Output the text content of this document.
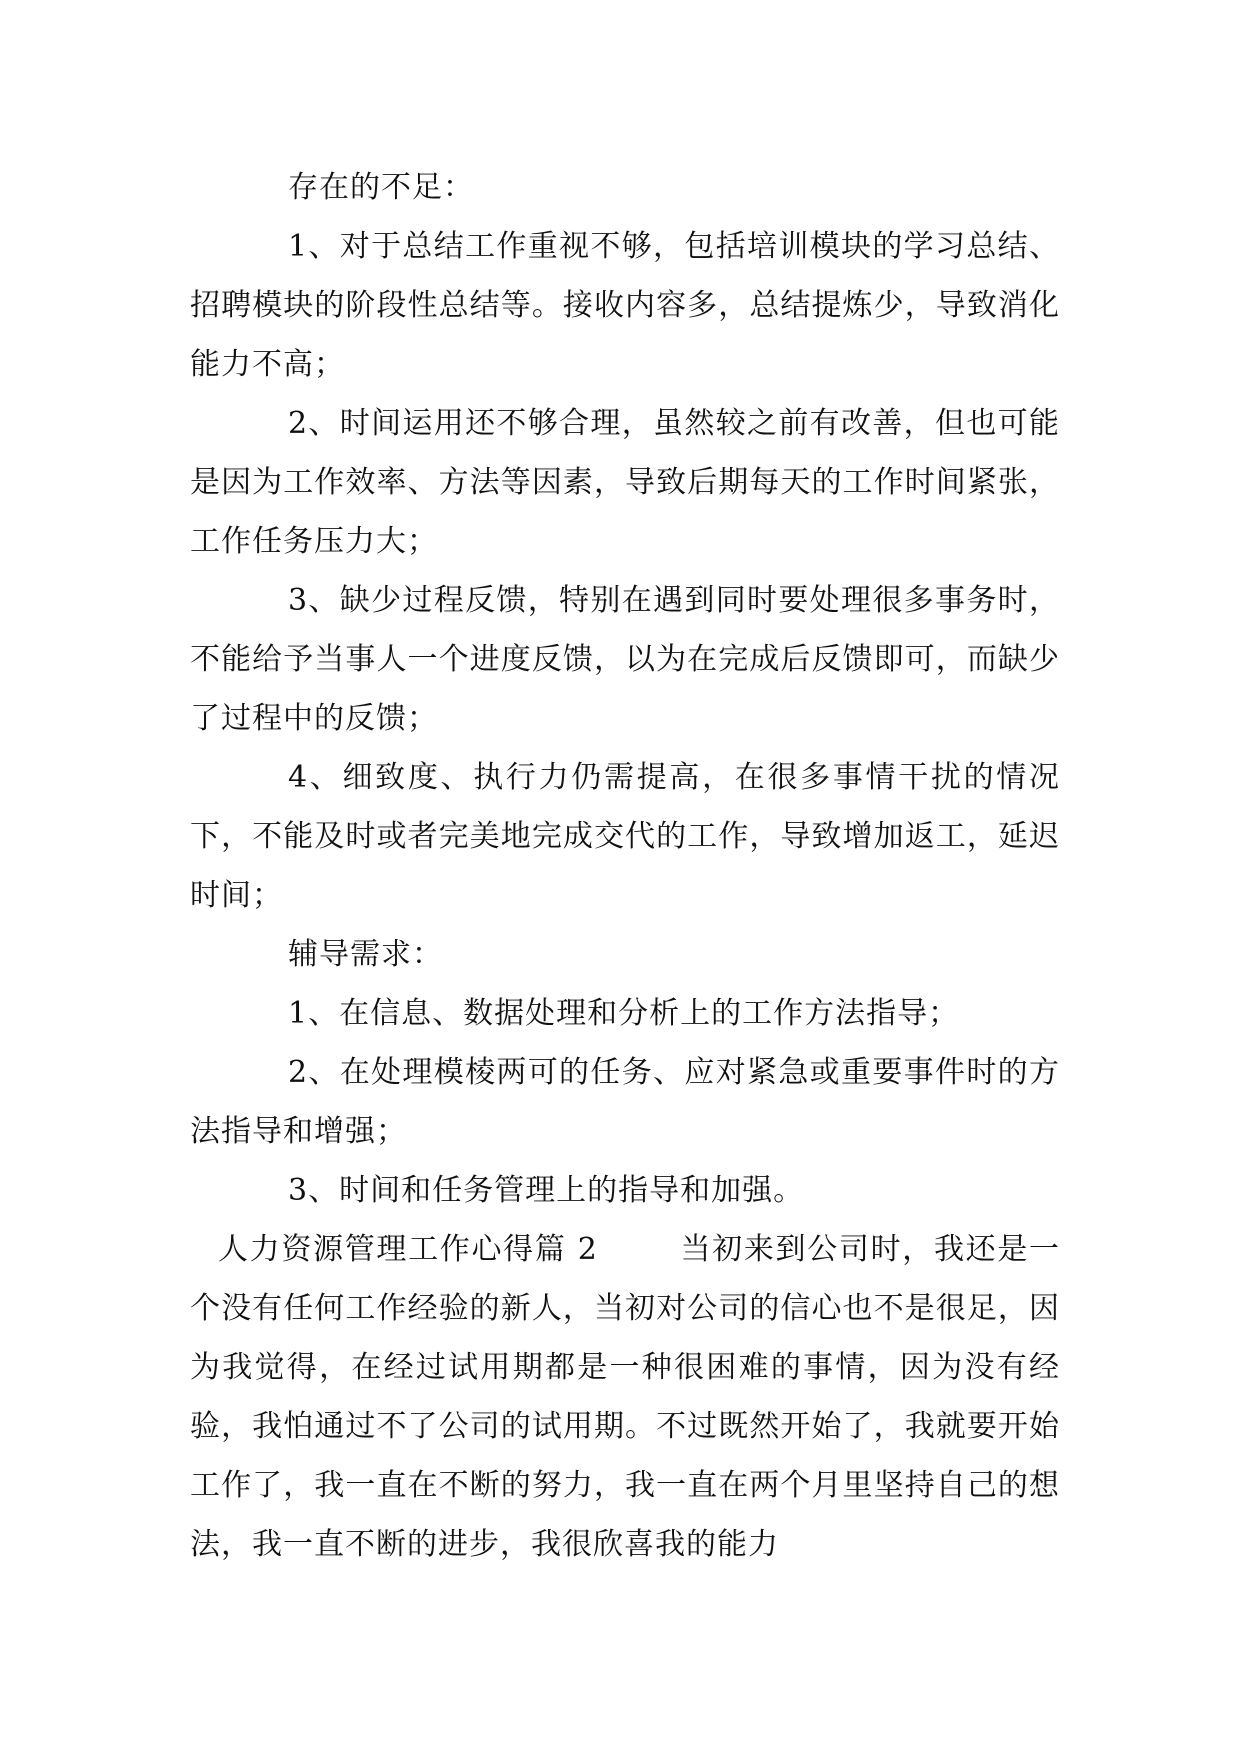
存在的不足：

1、对于总结工作重视不够，包括培训模块的学习总结、招聘模块的阶段性总结等。接收内容多，总结提炼少，导致消化能力不高；

2、时间运用还不够合理，虽然较之前有改善，但也可能是因为工作效率、方法等因素，导致后期每天的工作时间紧张，工作任务压力大；

3、缺少过程反馈，特别在遇到同时要处理很多事务时，不能给予当事人一个进度反馈，以为在完成后反馈即可，而缺少了过程中的反馈；

4、细致度、执行力仍需提高，在很多事情干扰的情况下，不能及时或者完美地完成交代的工作，导致增加返工，延迟时间；

辅导需求：

1、在信息、数据处理和分析上的工作方法指导；

2、在处理模棱两可的任务、应对紧急或重要事件时的方法指导和增强；

3、时间和任务管理上的指导和加强。

人力资源管理工作心得篇 2	当初来到公司时，我还是一个没有任何工作经验的新人，当初对公司的信心也不是很足，因为我觉得，在经过试用期都是一种很困难的事情，因为没有经验，我怕通过不了公司的试用期。不过既然开始了，我就要开始工作了，我一直在不断的努力，我一直在两个月里坚持自己的想法，我一直不断的进步，我很欣喜我的能力
